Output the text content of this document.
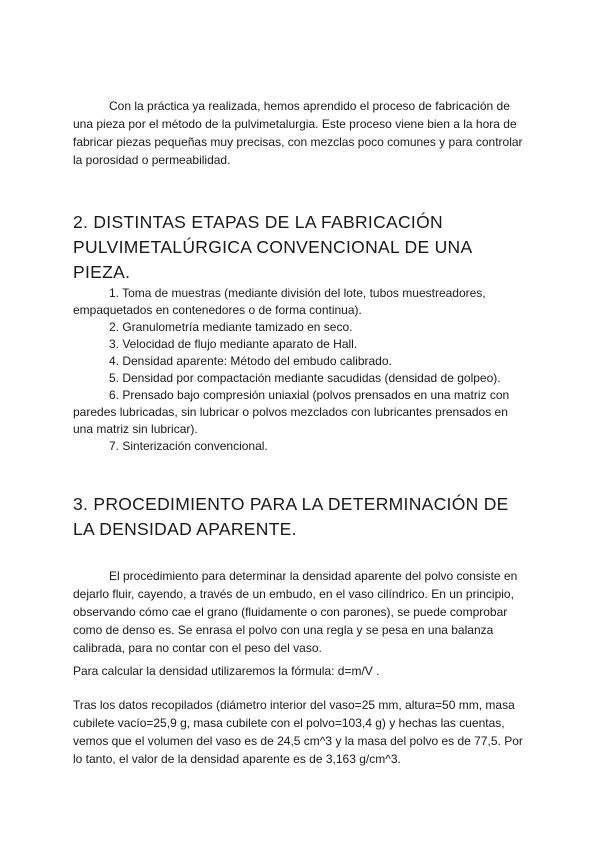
Con la práctica ya realizada, hemos aprendido el proceso de fabricación de una pieza por el método de la pulvimetalurgia. Este proceso viene bien a la hora de fabricar piezas pequeñas muy precisas, con mezclas poco comunes y para controlar la porosidad o permeabilidad.

2. DISTINTAS ETAPAS DE LA FABRICACIÓN PULVIMETALÚRGICA CONVENCIONAL DE UNA PIEZA.

1. Toma de muestras (mediante división del lote, tubos muestreadores, empaquetados en contenedores o de forma continua).

2. Granulometría mediante tamizado en seco.

3. Velocidad de flujo mediante aparato de Hall.

4. Densidad aparente: Método del embudo calibrado.

5. Densidad por compactación mediante sacudidas (densidad de golpeo).

6. Prensado bajo compresión uniaxial (polvos prensados en una matriz con paredes lubricadas, sin lubricar o polvos mezclados con lubricantes prensados en una matriz sin lubricar).

7. Sinterización convencional.

3. PROCEDIMIENTO PARA LA DETERMINACIÓN DE LA DENSIDAD APARENTE.

El procedimiento para determinar la densidad aparente del polvo consiste en dejarlo fluir, cayendo, a través de un embudo, en el vaso cilíndrico. En un principio, observando cómo cae el grano (fluidamente o con parones), se puede comprobar como de denso es. Se enrasa el polvo con una regla y se pesa en una balanza calibrada, para no contar con el peso del vaso.

Para calcular la densidad utilizaremos la fórmula: d=m/V .

Tras los datos recopilados (diámetro interior del vaso=25 mm, altura=50 mm, masa cubilete vacío=25,9 g, masa cubilete con el polvo=103,4 g) y hechas las cuentas, vemos que el volumen del vaso es de 24,5 cm^3 y la masa del polvo es de 77,5. Por lo tanto, el valor de la densidad aparente es de 3,163 g/cm^3.
